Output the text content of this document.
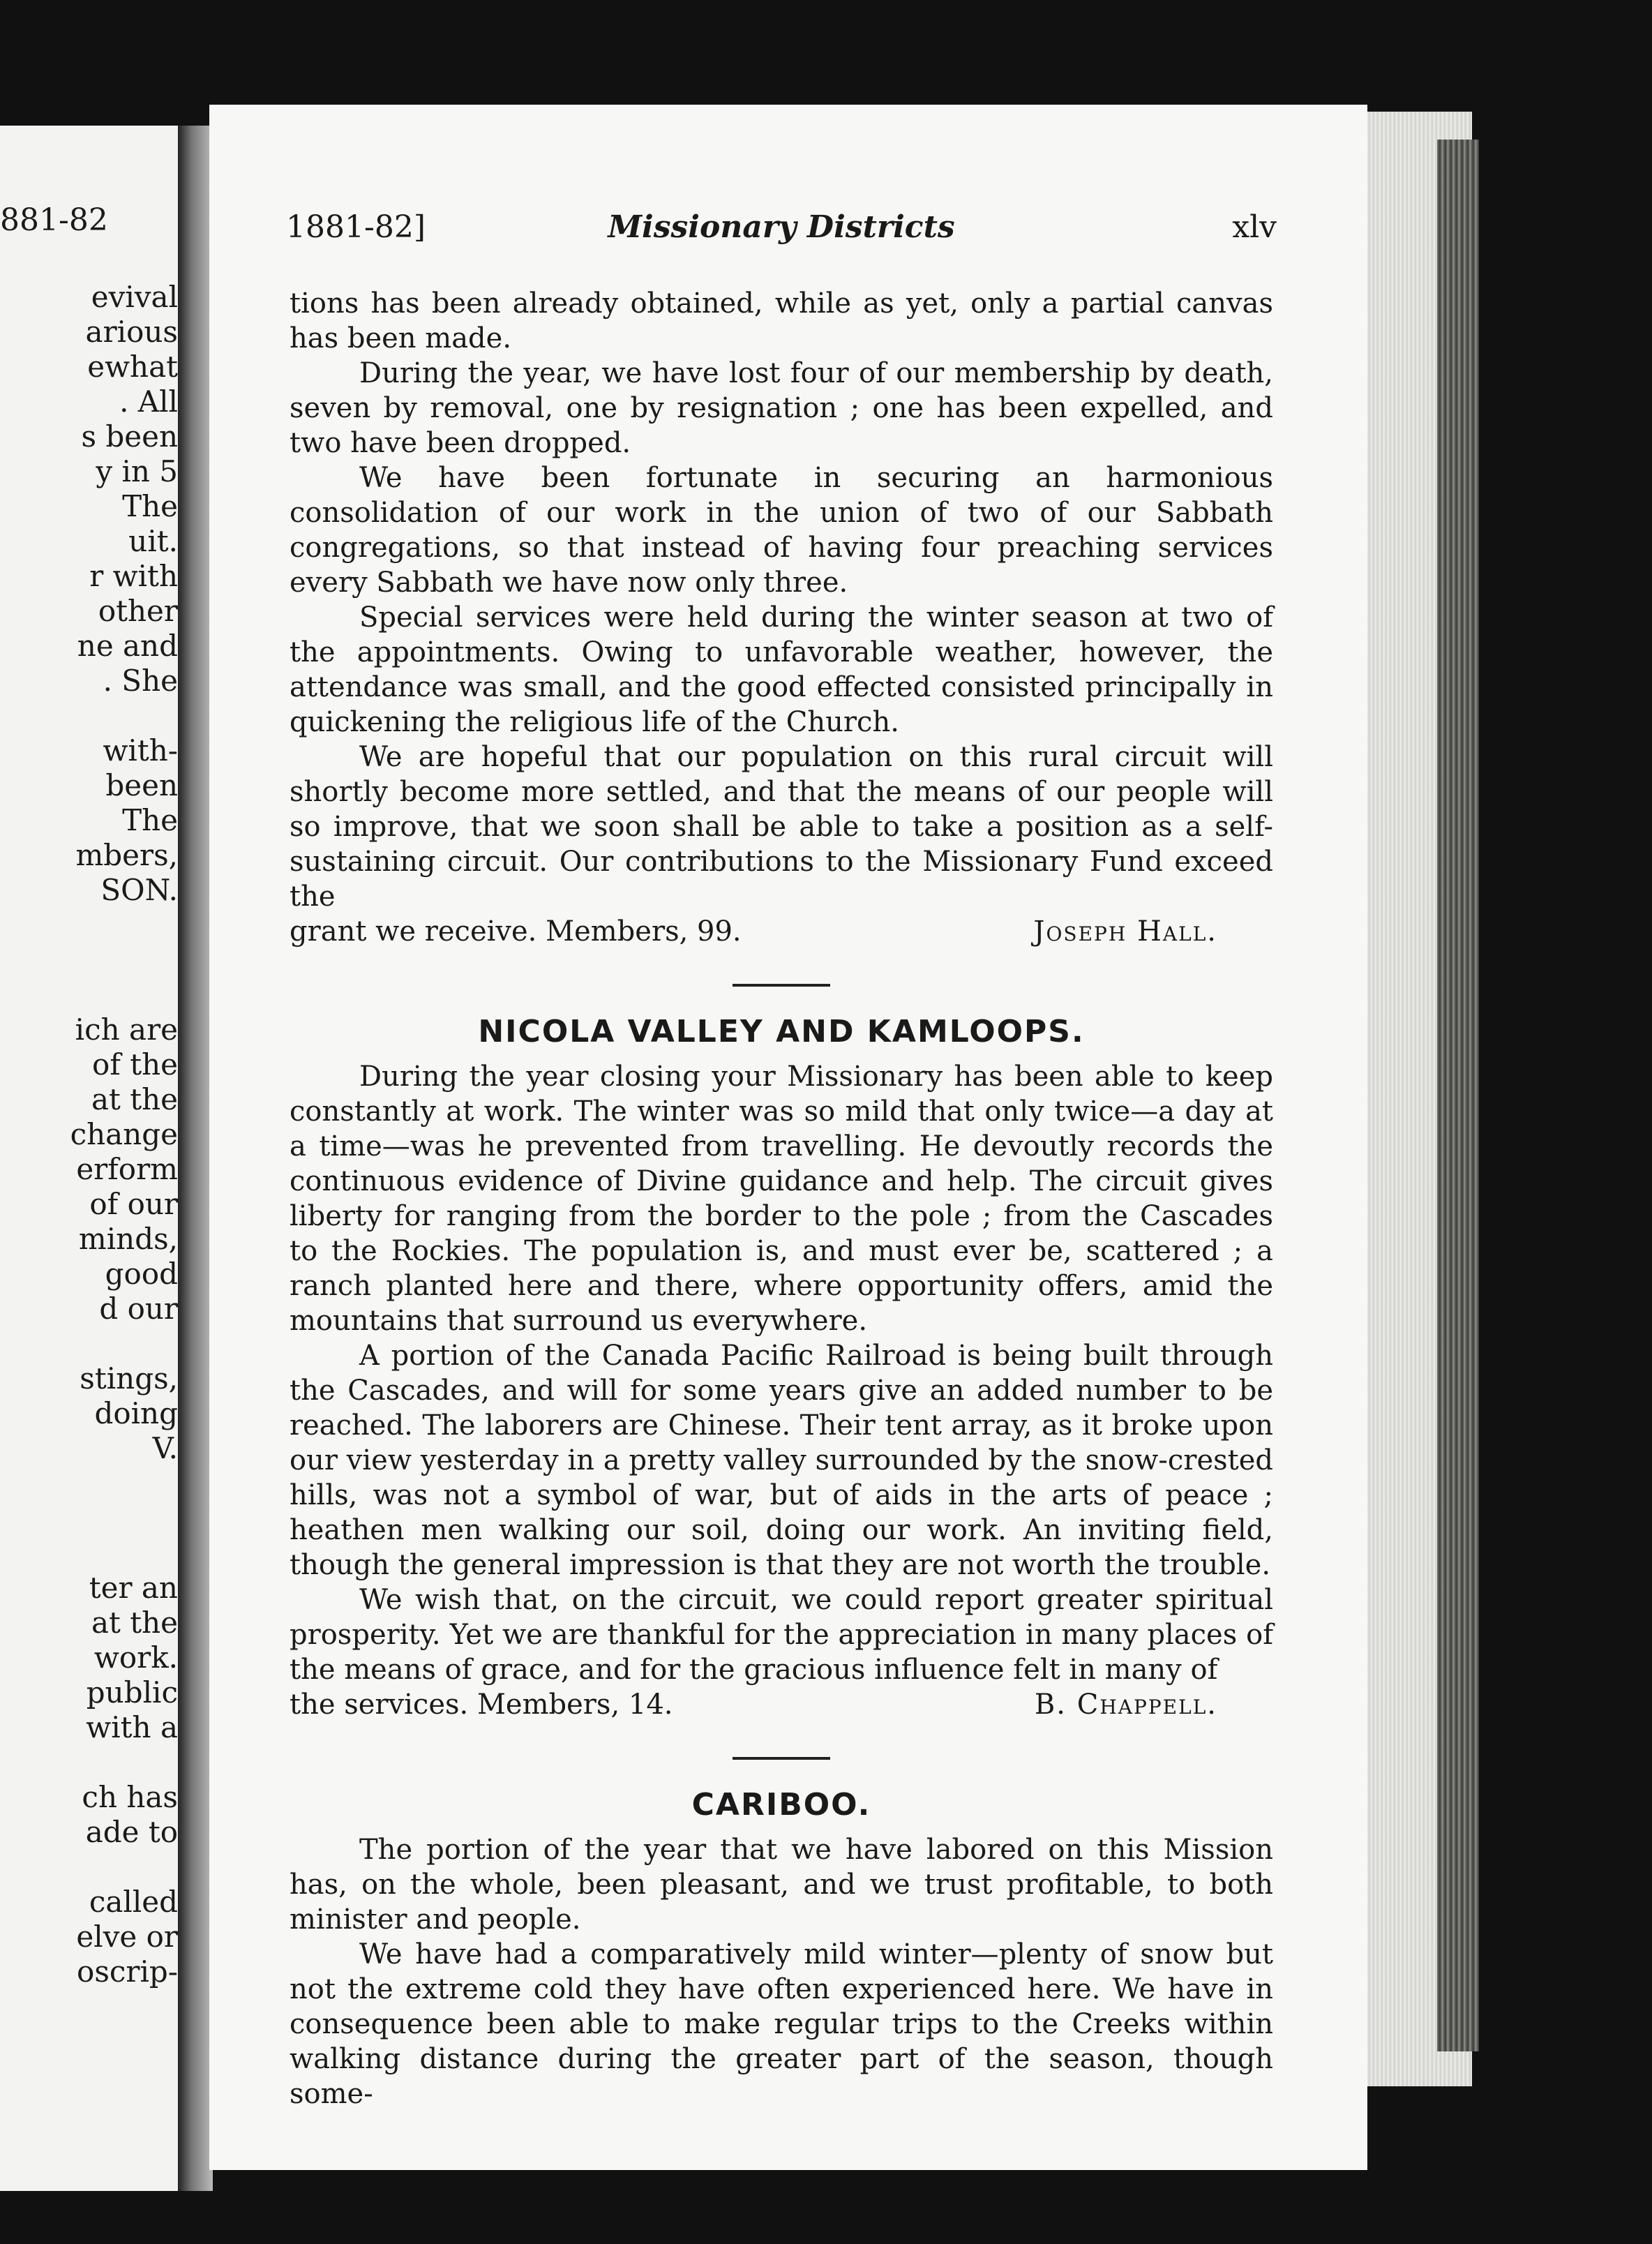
881-82
evival
arious
ewhat
. All
s been
y in 5
The
uit.
r with
other
ne and
. She
with-
been
The
mbers,
SON.
ich are
of the
at the
change
erform
of our
minds,
good
d our
stings,
doing
V.
ter an
at the
work.
public
with a
ch has
ade to
called
elve or
oscrip-
1881-82]	Missionary Districts	xlv

tions has been already obtained, while as yet, only a partial canvas has been made.

During the year, we have lost four of our membership by death, seven by removal, one by resignation ; one has been expelled, and two have been dropped.

We have been fortunate in securing an harmonious consolidation of our work in the union of two of our Sabbath congregations, so that instead of having four preaching services every Sabbath we have now only three.

Special services were held during the winter season at two of the appointments. Owing to unfavorable weather, however, the attendance was small, and the good effected consisted principally in quickening the religious life of the Church.

We are hopeful that our population on this rural circuit will shortly become more settled, and that the means of our people will so improve, that we soon shall be able to take a position as a self-sustaining circuit. Our contributions to the Missionary Fund exceed the

grant we receive. Members, 99.	Joseph Hall.
NICOLA VALLEY AND KAMLOOPS.

During the year closing your Missionary has been able to keep constantly at work. The winter was so mild that only twice—a day at a time—was he prevented from travelling. He devoutly records the continuous evidence of Divine guidance and help. The circuit gives liberty for ranging from the border to the pole ; from the Cascades to the Rockies. The population is, and must ever be, scattered ; a ranch planted here and there, where opportunity offers, amid the mountains that surround us everywhere.

A portion of the Canada Pacific Railroad is being built through the Cascades, and will for some years give an added number to be reached. The laborers are Chinese. Their tent array, as it broke upon our view yesterday in a pretty valley surrounded by the snow-crested hills, was not a symbol of war, but of aids in the arts of peace ; heathen men walking our soil, doing our work. An inviting field, though the general impression is that they are not worth the trouble.

We wish that, on the circuit, we could report greater spiritual prosperity. Yet we are thankful for the appreciation in many places of the means of grace, and for the gracious influence felt in many of

the services. Members, 14.	B. Chappell.
CARIBOO.

The portion of the year that we have labored on this Mission has, on the whole, been pleasant, and we trust profitable, to both minister and people.

We have had a comparatively mild winter—plenty of snow but not the extreme cold they have often experienced here. We have in consequence been able to make regular trips to the Creeks within walking distance during the greater part of the season, though some-
